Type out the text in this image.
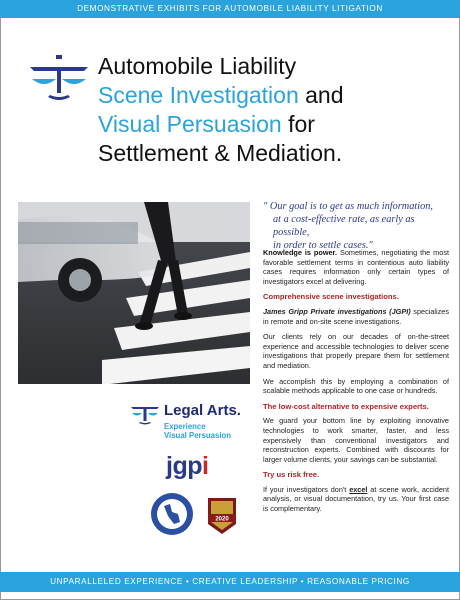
DEMONSTRATIVE EXHIBITS FOR AUTOMOBILE LIABILITY LITIGATION
Automobile Liability
Scene Investigation and
Visual Persuasion for
Settlement & Mediation.
" Our goal is to get as much information,
at a cost-effective rate, as early as possible,
in order to settle cases."

Knowledge is power. Sometimes, negotiating the most favorable settlement terms in contentious auto liability cases requires information only certain types of investigators excel at delivering.

Comprehensive scene investigations.

James Gripp Private investigations (JGPI) specializes in remote and on-site scene investigations.

Our clients rely on our decades of on-the-street experience and accessible technologies to deliver scene investigations that properly prepare them for settlement and mediation.

We accomplish this by employing a combination of scalable methods applicable to one case or hundreds.

The low-cost alternative to expensive experts.

We guard your bottom line by exploiting innovative technologies to work smarter, faster, and less expensively than conventional investigators and reconstruction experts. Combined with discounts for larger volume clients, your savings can be substantial.

Try us risk free.

If your investigators don't excel at scene work, accident analysis, or visual documentation, try us. Your first case is complementary.

Legal Arts.
Experience
Visual Persuasion
jgpi
2020
UNPARALLELED EXPERIENCE • CREATIVE LEADERSHIP • REASONABLE PRICING
